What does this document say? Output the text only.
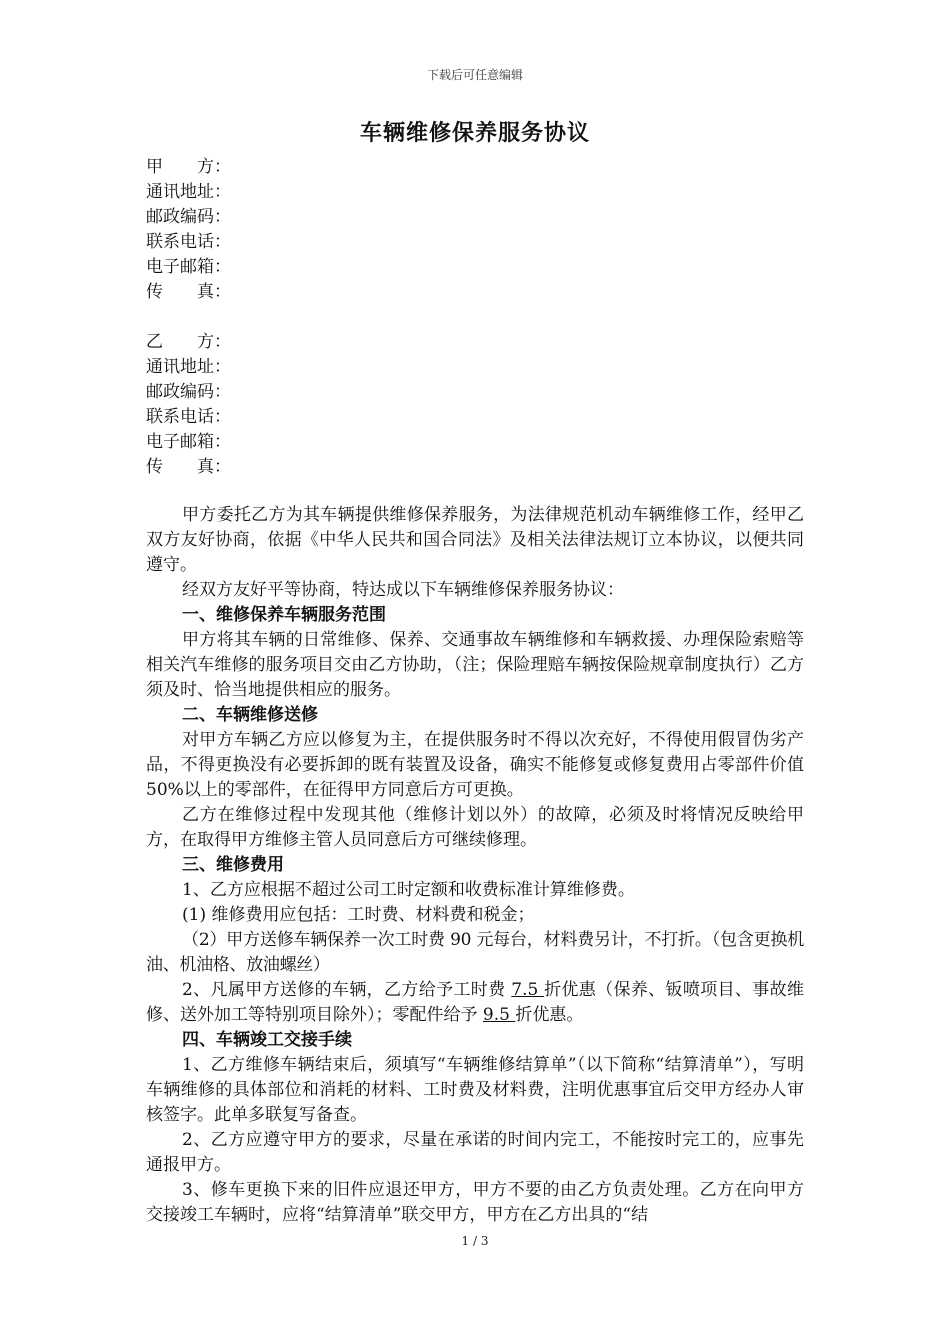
下载后可任意编辑
车辆维修保养服务协议
甲　　方：
通讯地址：
邮政编码：
联系电话：
电子邮箱：
传　　真：
乙　　方：
通讯地址：
邮政编码：
联系电话：
电子邮箱：
传　　真：

甲方委托乙方为其车辆提供维修保养服务，为法律规范机动车辆维修工作，经甲乙双方友好协商，依据《中华人民共和国合同法》及相关法律法规订立本协议，以便共同遵守。

经双方友好平等协商，特达成以下车辆维修保养服务协议：

一、维修保养车辆服务范围

甲方将其车辆的日常维修、保养、交通事故车辆维修和车辆救援、办理保险索赔等相关汽车维修的服务项目交由乙方协助，（注；保险理赔车辆按保险规章制度执行）乙方须及时、恰当地提供相应的服务。

二、车辆维修送修

对甲方车辆乙方应以修复为主，在提供服务时不得以次充好，不得使用假冒伪劣产品，不得更换没有必要拆卸的既有装置及设备，确实不能修复或修复费用占零部件价值50%以上的零部件，在征得甲方同意后方可更换。

乙方在维修过程中发现其他（维修计划以外）的故障，必须及时将情况反映给甲方，在取得甲方维修主管人员同意后方可继续修理。

三、维修费用

1、乙方应根据不超过公司工时定额和收费标准计算维修费。

(1) 维修费用应包括：工时费、材料费和税金；

（2）甲方送修车辆保养一次工时费 90 元每台，材料费另计，不打折。（包含更换机油、机油格、放油螺丝）

2、凡属甲方送修的车辆，乙方给予工时费 7.5 折优惠（保养、钣喷项目、事故维修、送外加工等特别项目除外）；零配件给予 9.5 折优惠。

四、车辆竣工交接手续

1、乙方维修车辆结束后，须填写“车辆维修结算单”（以下简称“结算清单”），写明车辆维修的具体部位和消耗的材料、工时费及材料费，注明优惠事宜后交甲方经办人审核签字。此单多联复写备查。

2、乙方应遵守甲方的要求，尽量在承诺的时间内完工，不能按时完工的，应事先通报甲方。

3、修车更换下来的旧件应退还甲方，甲方不要的由乙方负责处理。乙方在向甲方交接竣工车辆时，应将“结算清单”联交甲方，甲方在乙方出具的“结

1 / 3
